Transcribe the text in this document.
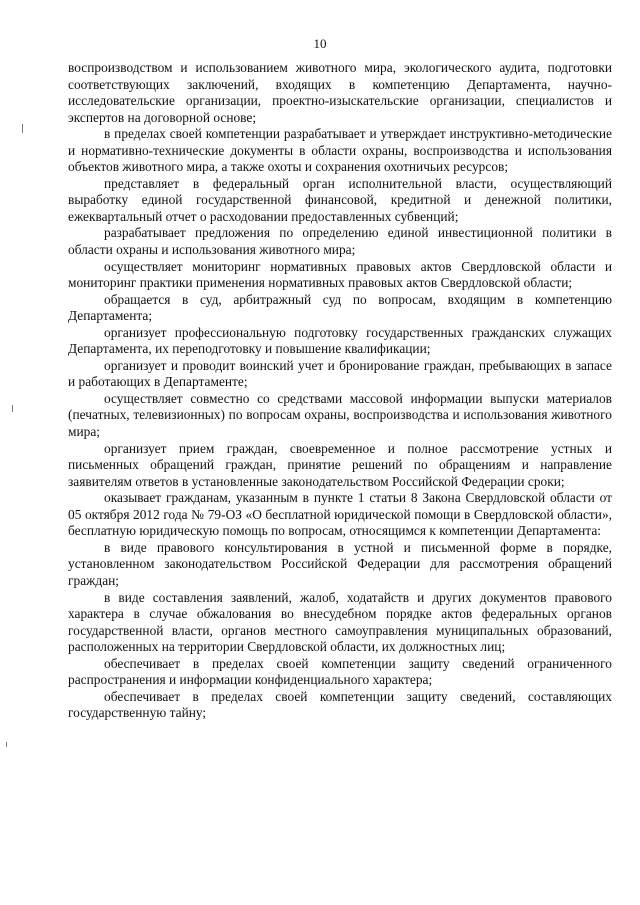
10

воспроизводством и использованием животного мира, экологического аудита, подготовки соответствующих заключений, входящих в компетенцию Департамента, научно-исследовательские организации, проектно-изыскательские организации, специалистов и экспертов на договорной основе;

в пределах своей компетенции разрабатывает и утверждает инструктивно-методические и нормативно-технические документы в области охраны, воспроизводства и использования объектов животного мира, а также охоты и сохранения охотничьих ресурсов;

представляет в федеральный орган исполнительной власти, осуществляющий выработку единой государственной финансовой, кредитной и денежной политики, ежеквартальный отчет о расходовании предоставленных субвенций;

разрабатывает предложения по определению единой инвестиционной политики в области охраны и использования животного мира;

осуществляет мониторинг нормативных правовых актов Свердловской области и мониторинг практики применения нормативных правовых актов Свердловской области;

обращается в суд, арбитражный суд по вопросам, входящим в компетенцию Департамента;

организует профессиональную подготовку государственных гражданских служащих Департамента, их переподготовку и повышение квалификации;

организует и проводит воинский учет и бронирование граждан, пребывающих в запасе и работающих в Департаменте;

осуществляет совместно со средствами массовой информации выпуски материалов (печатных, телевизионных) по вопросам охраны, воспроизводства и использования животного мира;

организует прием граждан, своевременное и полное рассмотрение устных и письменных обращений граждан, принятие решений по обращениям и направление заявителям ответов в установленные законодательством Российской Федерации сроки;

оказывает гражданам, указанным в пункте 1 статьи 8 Закона Свердловской области от 05 октября 2012 года № 79-ОЗ «О бесплатной юридической помощи в Свердловской области», бесплатную юридическую помощь по вопросам, относящимся к компетенции Департамента:

в виде правового консультирования в устной и письменной форме в порядке, установленном законодательством Российской Федерации для рассмотрения обращений граждан;

в виде составления заявлений, жалоб, ходатайств и других документов правового характера в случае обжалования во внесудебном порядке актов федеральных органов государственной власти, органов местного самоуправления муниципальных образований, расположенных на территории Свердловской области, их должностных лиц;

обеспечивает в пределах своей компетенции защиту сведений ограниченного распространения и информации конфиденциального характера;

обеспечивает в пределах своей компетенции защиту сведений, составляющих государственную тайну;
